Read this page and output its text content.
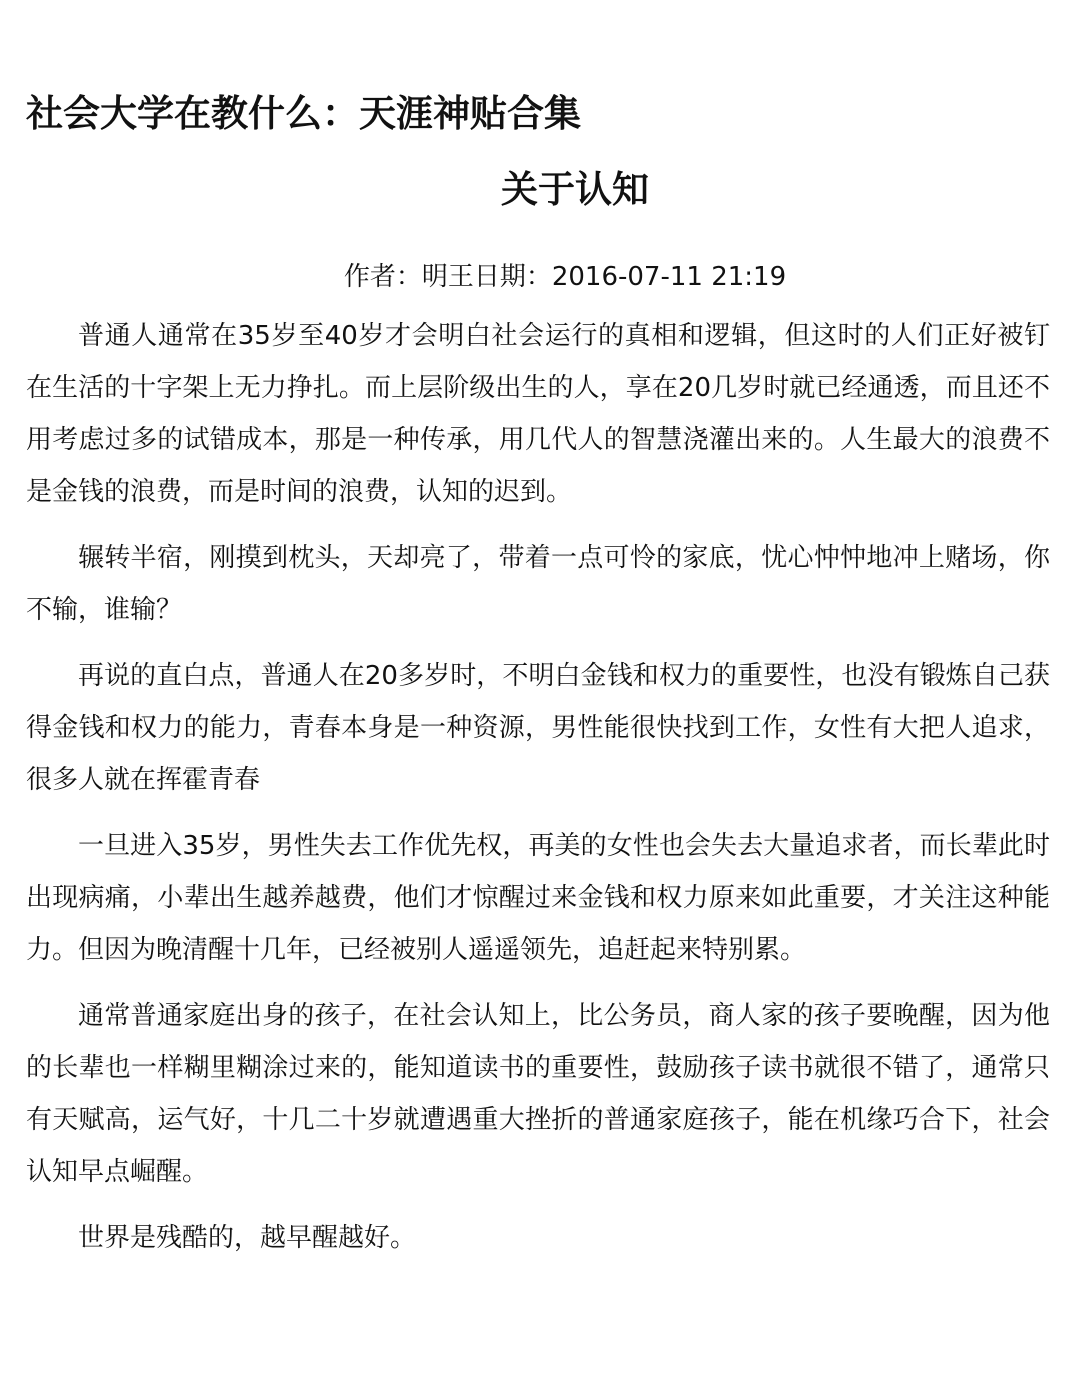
社会大学在教什么：天涯神贴合集
关于认知
作者：明王日期：2016-07-11 21:19

普通人通常在35岁至40岁才会明白社会运行的真相和逻辑，但这时的人们正好被钉在生活的十字架上无力挣扎。而上层阶级出生的人，享在20几岁时就已经通透，而且还不用考虑过多的试错成本，那是一种传承，用几代人的智慧浇灌出来的。人生最大的浪费不是金钱的浪费，而是时间的浪费，认知的迟到。

辗转半宿，刚摸到枕头，天却亮了，带着一点可怜的家底，忧心忡忡地冲上赌场，你不输，谁输？

再说的直白点，普通人在20多岁时，不明白金钱和权力的重要性，也没有锻炼自己获得金钱和权力的能力，青春本身是一种资源，男性能很快找到工作，女性有大把人追求，很多人就在挥霍青春

一旦进入35岁，男性失去工作优先权，再美的女性也会失去大量追求者，而长辈此时出现病痛，小辈出生越养越费，他们才惊醒过来金钱和权力原来如此重要，才关注这种能力。但因为晚清醒十几年，已经被别人遥遥领先，追赶起来特别累。

通常普通家庭出身的孩子，在社会认知上，比公务员，商人家的孩子要晚醒，因为他的长辈也一样糊里糊涂过来的，能知道读书的重要性，鼓励孩子读书就很不错了，通常只有天赋高，运气好，十几二十岁就遭遇重大挫折的普通家庭孩子，能在机缘巧合下，社会认知早点崛醒。

世界是残酷的，越早醒越好。
